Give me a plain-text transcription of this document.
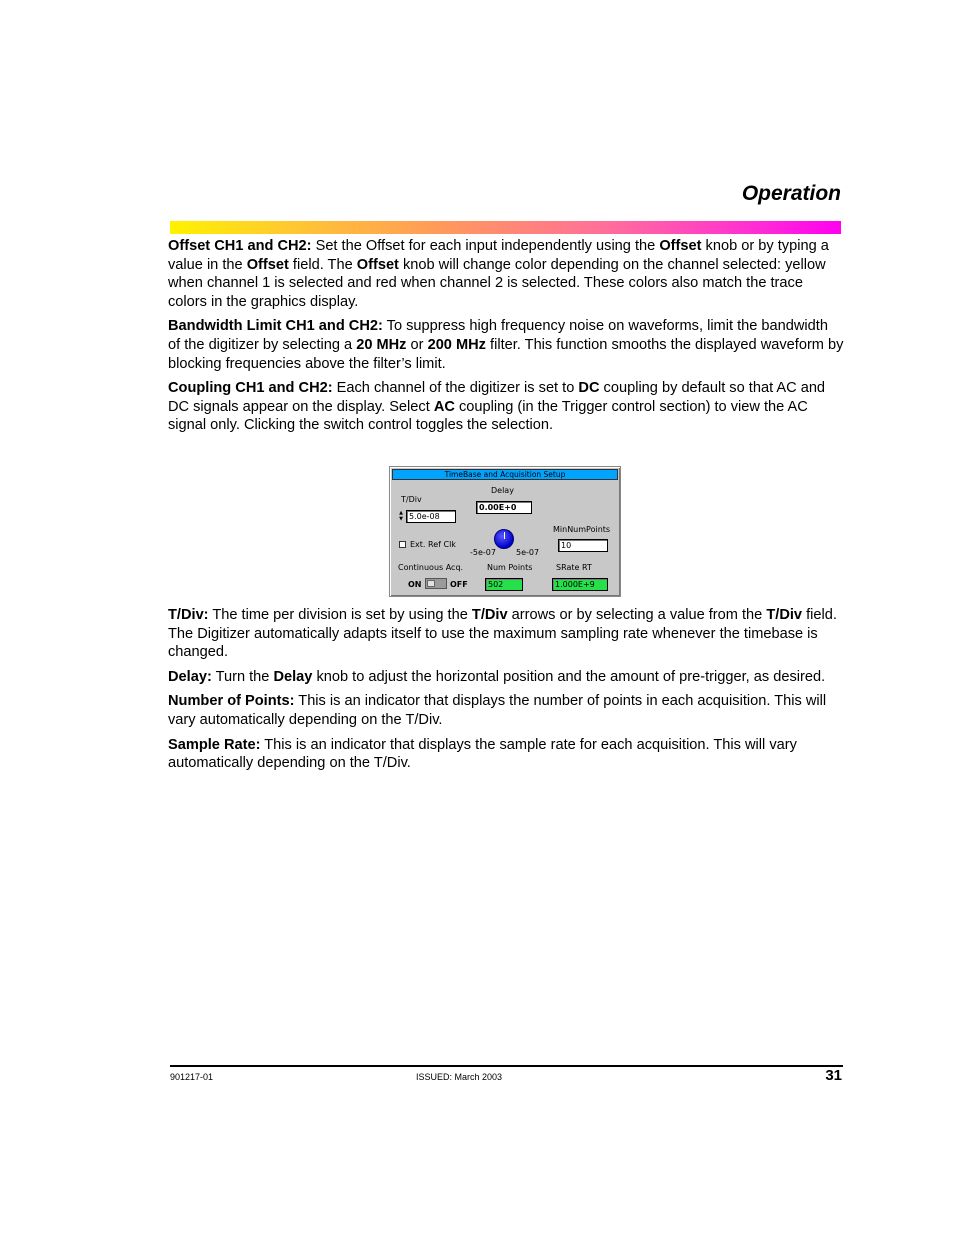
Operation

Offset CH1 and CH2: Set the Offset for each input independently using the Offset knob or by typing a value in the Offset field. The Offset knob will change color depending on the channel selected: yellow when channel 1 is selected and red when channel 2 is selected. These colors also match the trace colors in the graphics display.

Bandwidth Limit CH1 and CH2: To suppress high frequency noise on waveforms, limit the bandwidth of the digitizer by selecting a 20 MHz or 200 MHz filter. This function smooths the displayed waveform by blocking frequencies above the filter’s limit.

Coupling CH1 and CH2: Each channel of the digitizer is set to DC coupling by default so that AC and DC signals appear on the display. Select AC coupling (in the Trigger control section) to view the AC signal only. Clicking the switch control toggles the selection.

TimeBase and Acquisition Setup
T/Div
▲
▼ 5.0e-08
Delay
0.00E+0
MinNumPoints
10
Ext. Ref Clk
-5e-07	5e-07
Continuous Acq.
ON	OFF
Num Points
502
SRate RT
1.000E+9

T/Div: The time per division is set by using the T/Div arrows or by selecting a value from the T/Div field. The Digitizer automatically adapts itself to use the maximum sampling rate whenever the timebase is changed.

Delay: Turn the Delay knob to adjust the horizontal position and the amount of pre-trigger, as desired.

Number of Points: This is an indicator that displays the number of points in each acquisition. This will vary automatically depending on the T/Div.

Sample Rate: This is an indicator that displays the sample rate for each acquisition. This will vary automatically depending on the T/Div.

901217-01	ISSUED: March 2003	31
